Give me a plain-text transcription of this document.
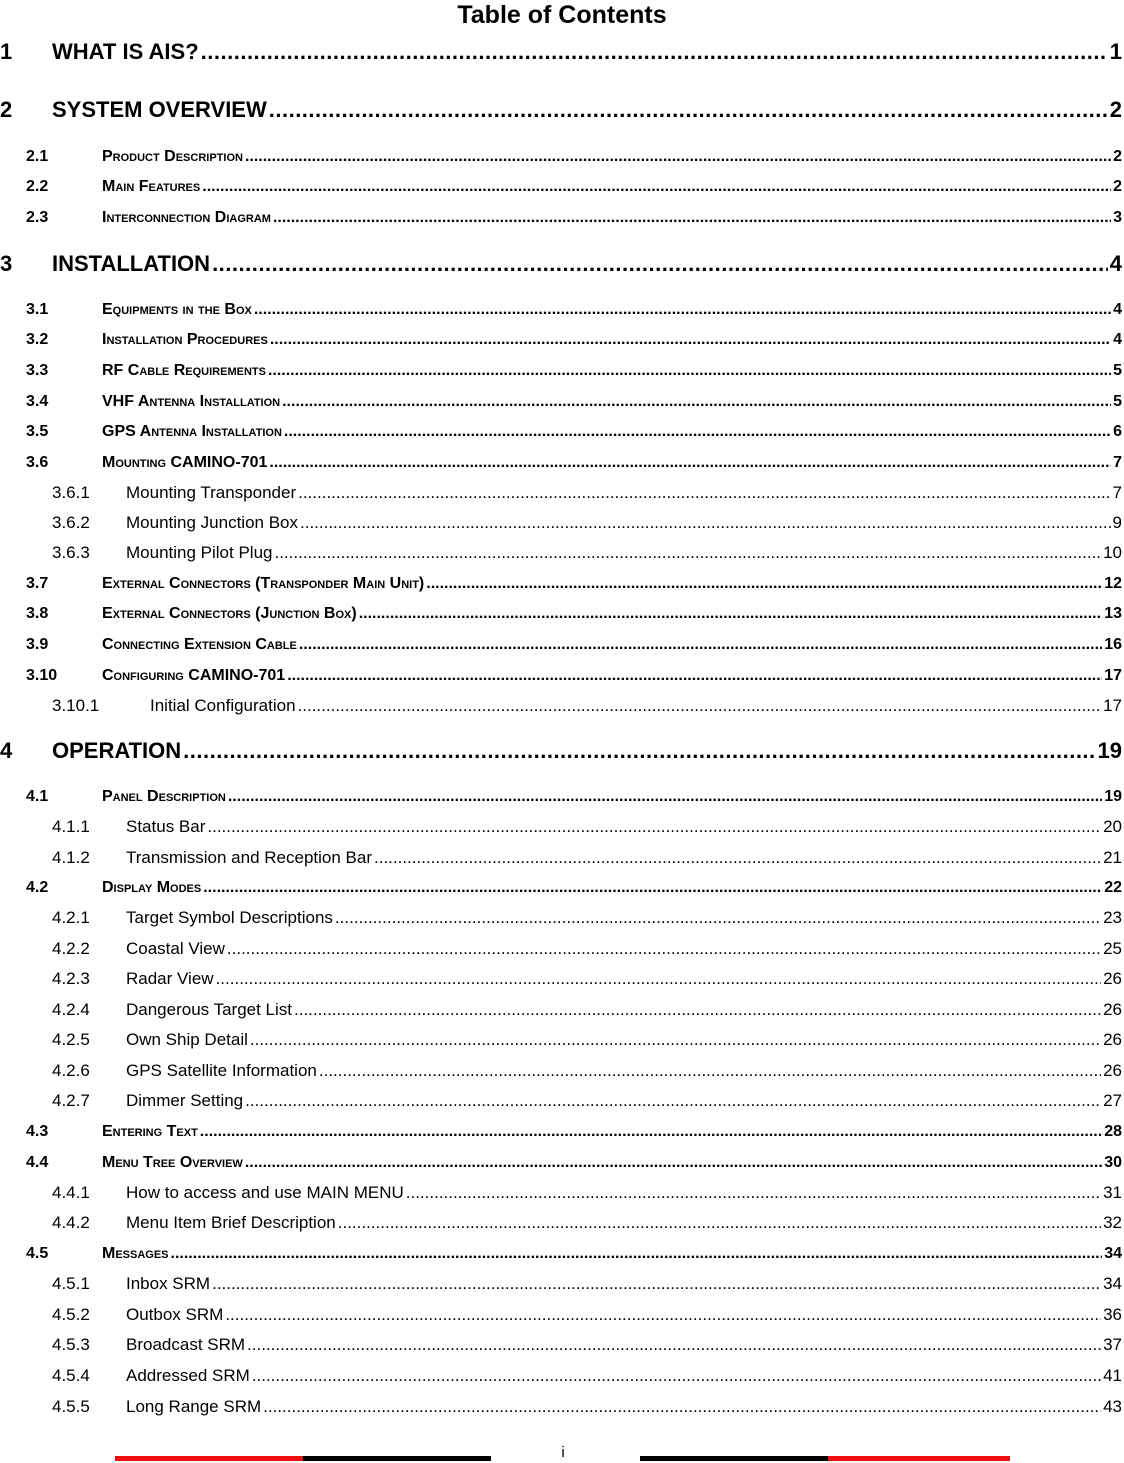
Table of Contents
1 WHAT IS AIS? .....	1
2 SYSTEM OVERVIEW .....	2
2.1	Product Description .....	2
2.2	Main Features .....	2
2.3	Interconnection Diagram .....	3
3 INSTALLATION .....	4
3.1	Equipments in the Box .....	4
3.2	Installation Procedures .....	4
3.3	RF Cable Requirements .....	5
3.4	VHF Antenna Installation .....	5
3.5	GPS Antenna Installation .....	6
3.6	Mounting CAMINO-701 .....	7
3.6.1 Mounting Transponder .....	7
3.6.2 Mounting Junction Box .....	9
3.6.3 Mounting Pilot Plug .....	10
3.7	External Connectors (Transponder Main Unit) .....	12
3.8	External Connectors (Junction Box) .....	13
3.9	Connecting Extension Cable .....	16
3.10	Configuring CAMINO-701 .....	17
3.10.1	Initial Configuration .....	17
4 OPERATION .....	19
4.1	Panel Description .....	19
4.1.1 Status Bar .....	20
4.1.2 Transmission and Reception Bar .....	21
4.2	Display Modes .....	22
4.2.1 Target Symbol Descriptions .....	23
4.2.2 Coastal View .....	25
4.2.3 Radar View .....	26
4.2.4 Dangerous Target List .....	26
4.2.5 Own Ship Detail .....	26
4.2.6 GPS Satellite Information .....	26
4.2.7 Dimmer Setting .....	27
4.3	Entering Text .....	28
4.4	Menu Tree Overview .....	30
4.4.1 How to access and use MAIN MENU .....	31
4.4.2 Menu Item Brief Description .....	32
4.5	Messages .....	34
4.5.1 Inbox SRM .....	34
4.5.2 Outbox SRM .....	36
4.5.3 Broadcast SRM .....	37
4.5.4 Addressed SRM .....	41
4.5.5 Long Range SRM .....	43
i
